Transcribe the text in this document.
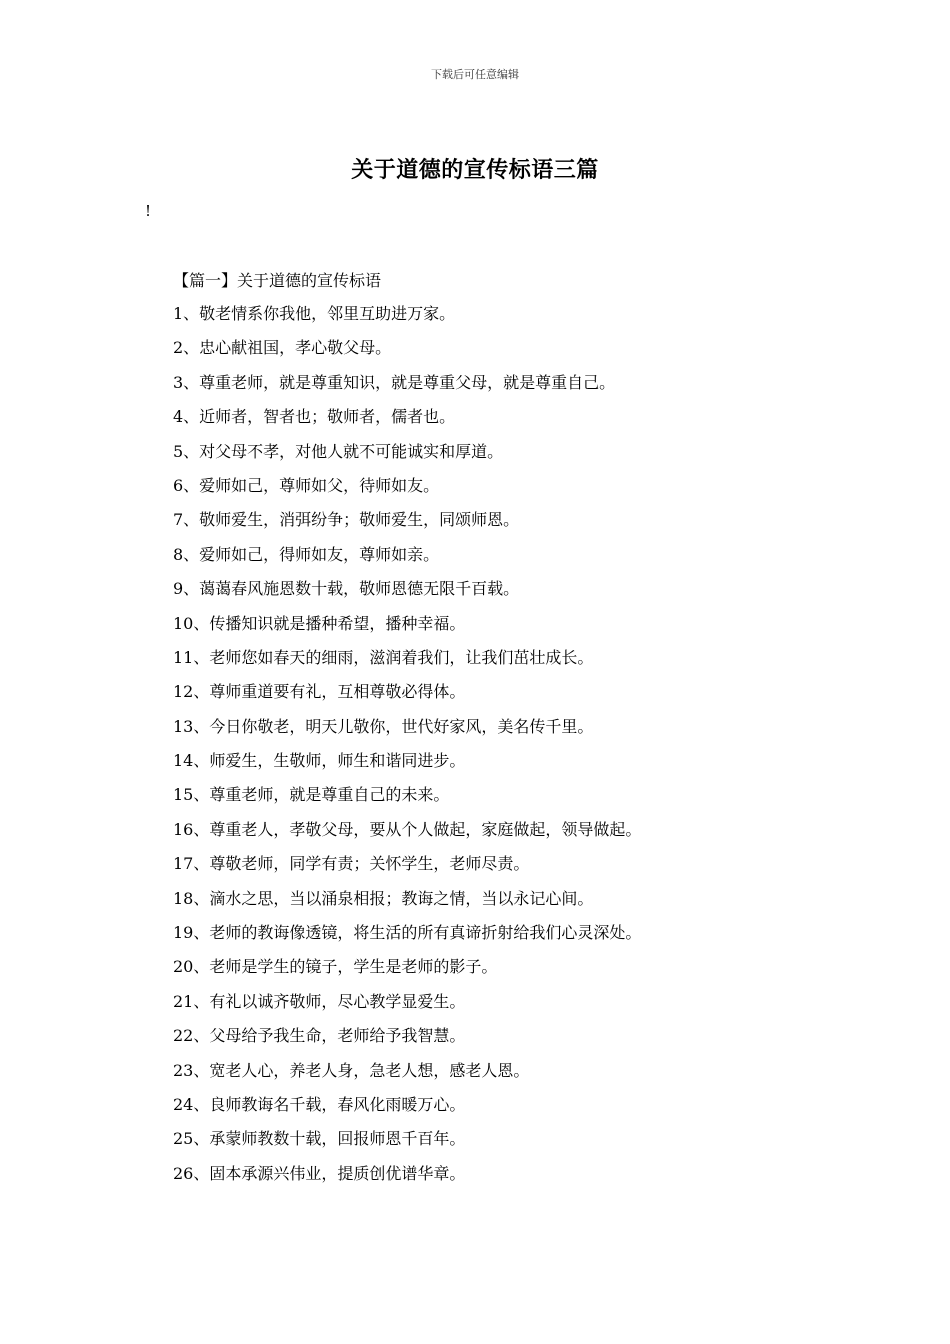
下载后可任意编辑
关于道德的宣传标语三篇
!
【篇一】关于道德的宣传标语
1、敬老情系你我他，邻里互助进万家。
2、忠心献祖国，孝心敬父母。
3、尊重老师，就是尊重知识，就是尊重父母，就是尊重自己。
4、近师者，智者也；敬师者，儒者也。
5、对父母不孝，对他人就不可能诚实和厚道。
6、爱师如己，尊师如父，待师如友。
7、敬师爱生，消弭纷争；敬师爱生，同颂师恩。
8、爱师如己，得师如友，尊师如亲。
9、蔼蔼春风施恩数十载，敬师恩德无限千百载。
10、传播知识就是播种希望，播种幸福。
11、老师您如春天的细雨，滋润着我们，让我们茁壮成长。
12、尊师重道要有礼，互相尊敬必得体。
13、今日你敬老，明天儿敬你，世代好家风，美名传千里。
14、师爱生，生敬师，师生和谐同进步。
15、尊重老师，就是尊重自己的未来。
16、尊重老人，孝敬父母，要从个人做起，家庭做起，领导做起。
17、尊敬老师，同学有责；关怀学生，老师尽责。
18、滴水之思，当以涌泉相报；教诲之情，当以永记心间。
19、老师的教诲像透镜，将生活的所有真谛折射给我们心灵深处。
20、老师是学生的镜子，学生是老师的影子。
21、有礼以诚齐敬师，尽心教学显爱生。
22、父母给予我生命，老师给予我智慧。
23、宽老人心，养老人身，急老人想，感老人恩。
24、良师教诲名千载，春风化雨暖万心。
25、承蒙师教数十载，回报师恩千百年。
26、固本承源兴伟业，提质创优谱华章。
